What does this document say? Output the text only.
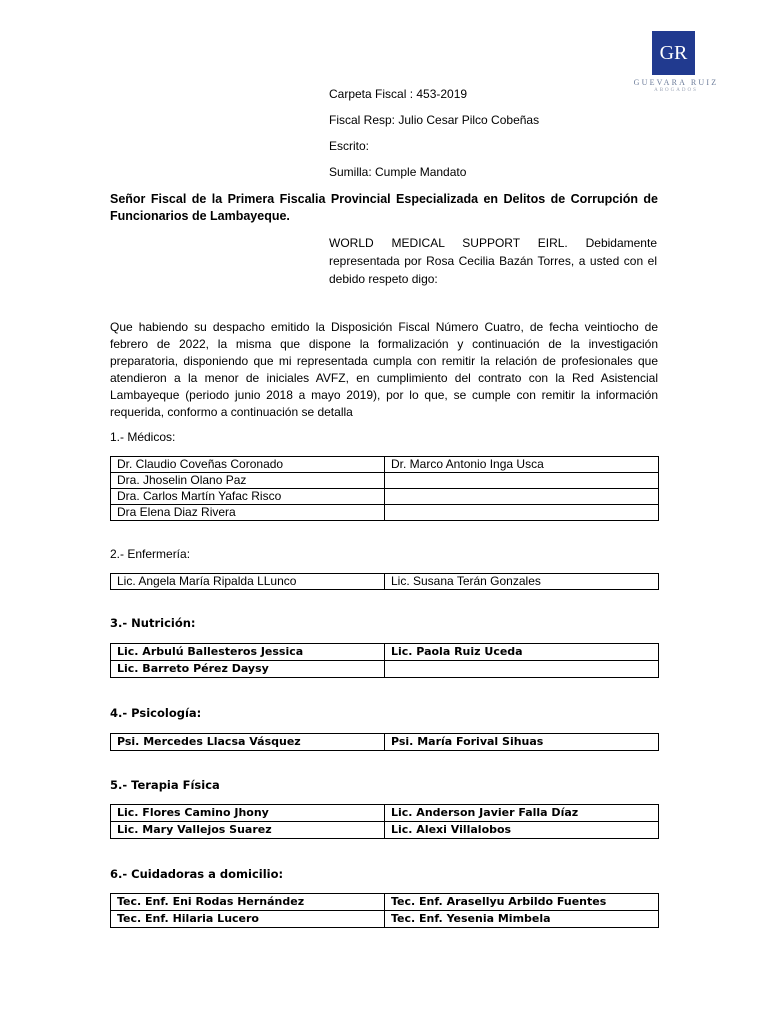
GR
GUEVARA RUIZ
ABOGADOS
Carpeta Fiscal : 453-2019
Fiscal Resp: Julio Cesar Pilco Cobeñas
Escrito:
Sumilla: Cumple Mandato
Señor Fiscal de la Primera Fiscalia Provincial Especializada en Delitos de Corrupción de Funcionarios de Lambayeque.
WORLD MEDICAL SUPPORT EIRL. Debidamente representada por Rosa Cecilia Bazán Torres, a usted con el debido respeto digo:
Que habiendo su despacho emitido la Disposición Fiscal Número Cuatro, de fecha veintiocho de febrero de 2022, la misma que dispone la formalización y continuación de la investigación preparatoria, disponiendo que mi representada cumpla con remitir la relación de profesionales que atendieron a la menor de iniciales AVFZ, en cumplimiento del contrato con la Red Asistencial Lambayeque (periodo junio 2018 a mayo 2019), por lo que, se cumple con remitir la información requerida, conformo a continuación se detalla
1.- Médicos:
Dr. Claudio Coveñas Coronado	Dr. Marco Antonio Inga Usca
Dra. Jhoselin Olano Paz	
Dra. Carlos Martín Yafac Risco	
Dra Elena Diaz Rivera	
2.- Enfermería:
Lic. Angela María Ripalda LLunco	Lic. Susana Terán Gonzales
3.- Nutrición:
Lic. Arbulú Ballesteros Jessica	Lic. Paola Ruiz Uceda
Lic. Barreto Pérez Daysy	
4.- Psicología:
Psi. Mercedes Llacsa Vásquez	Psi. María Forival Sihuas
5.- Terapia Física
Lic. Flores Camino Jhony	Lic. Anderson Javier Falla Díaz
Lic. Mary Vallejos Suarez	Lic. Alexi Villalobos
6.- Cuidadoras a domicilio:
Tec. Enf. Eni Rodas Hernández	Tec. Enf. Arasellyu Arbildo Fuentes
Tec. Enf. Hilaria Lucero	Tec. Enf. Yesenia Mimbela
